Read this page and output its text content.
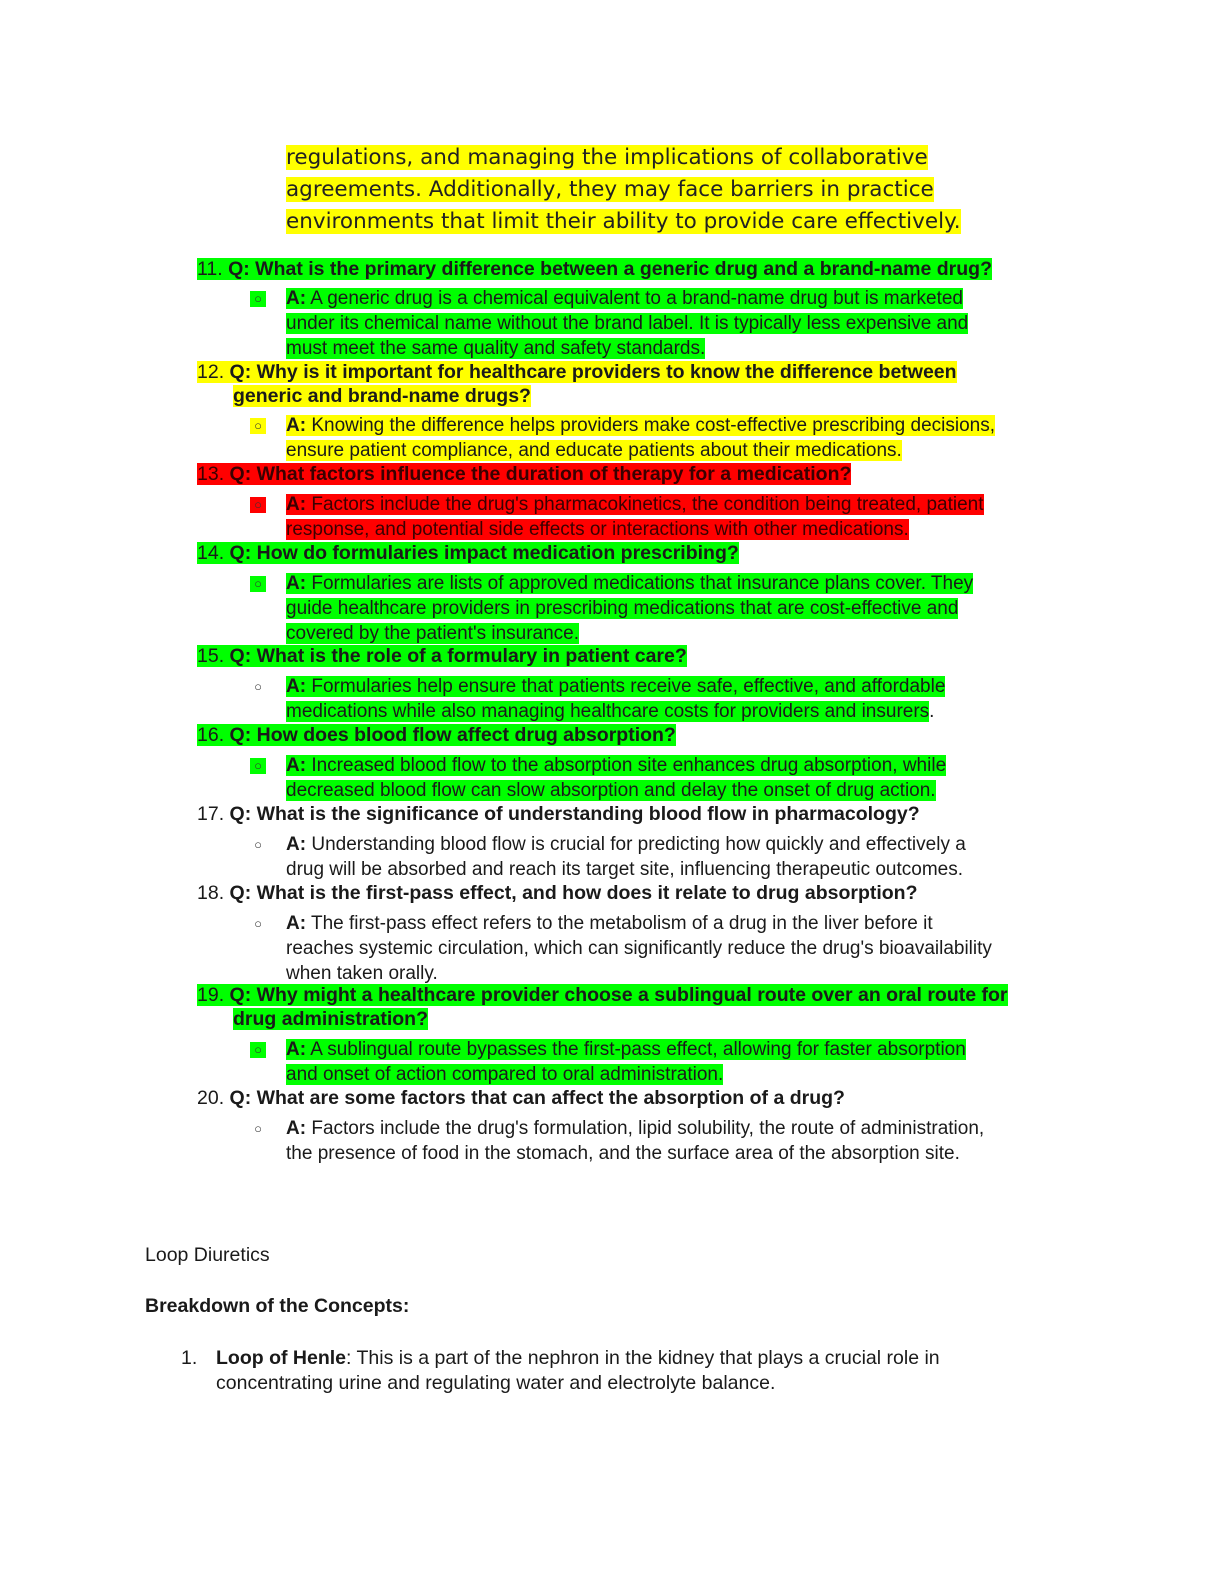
regulations, and managing the implications of collaborative
agreements. Additionally, they may face barriers in practice
environments that limit their ability to provide care effectively.
11. Q: What is the primary difference between a generic drug and a brand-name drug?
○ A: A generic drug is a chemical equivalent to a brand-name drug but is marketed
under its chemical name without the brand label. It is typically less expensive and
must meet the same quality and safety standards.
12. Q: Why is it important for healthcare providers to know the difference between
generic and brand-name drugs?
○ A: Knowing the difference helps providers make cost-effective prescribing decisions,
ensure patient compliance, and educate patients about their medications.
13. Q: What factors influence the duration of therapy for a medication?
○ A: Factors include the drug's pharmacokinetics, the condition being treated, patient
response, and potential side effects or interactions with other medications.
14. Q: How do formularies impact medication prescribing?
○ A: Formularies are lists of approved medications that insurance plans cover. They
guide healthcare providers in prescribing medications that are cost-effective and
covered by the patient's insurance.
15. Q: What is the role of a formulary in patient care?
○ A: Formularies help ensure that patients receive safe, effective, and affordable
medications while also managing healthcare costs for providers and insurers.
16. Q: How does blood flow affect drug absorption?
○ A: Increased blood flow to the absorption site enhances drug absorption, while
decreased blood flow can slow absorption and delay the onset of drug action.
17. Q: What is the significance of understanding blood flow in pharmacology?
○ A: Understanding blood flow is crucial for predicting how quickly and effectively a
drug will be absorbed and reach its target site, influencing therapeutic outcomes.
18. Q: What is the first-pass effect, and how does it relate to drug absorption?
○ A: The first-pass effect refers to the metabolism of a drug in the liver before it
reaches systemic circulation, which can significantly reduce the drug's bioavailability
when taken orally.
19. Q: Why might a healthcare provider choose a sublingual route over an oral route for
drug administration?
○ A: A sublingual route bypasses the first-pass effect, allowing for faster absorption
and onset of action compared to oral administration.
20. Q: What are some factors that can affect the absorption of a drug?
○ A: Factors include the drug's formulation, lipid solubility, the route of administration,
the presence of food in the stomach, and the surface area of the absorption site.
Loop Diuretics
Breakdown of the Concepts:
1. Loop of Henle: This is a part of the nephron in the kidney that plays a crucial role in
concentrating urine and regulating water and electrolyte balance.
